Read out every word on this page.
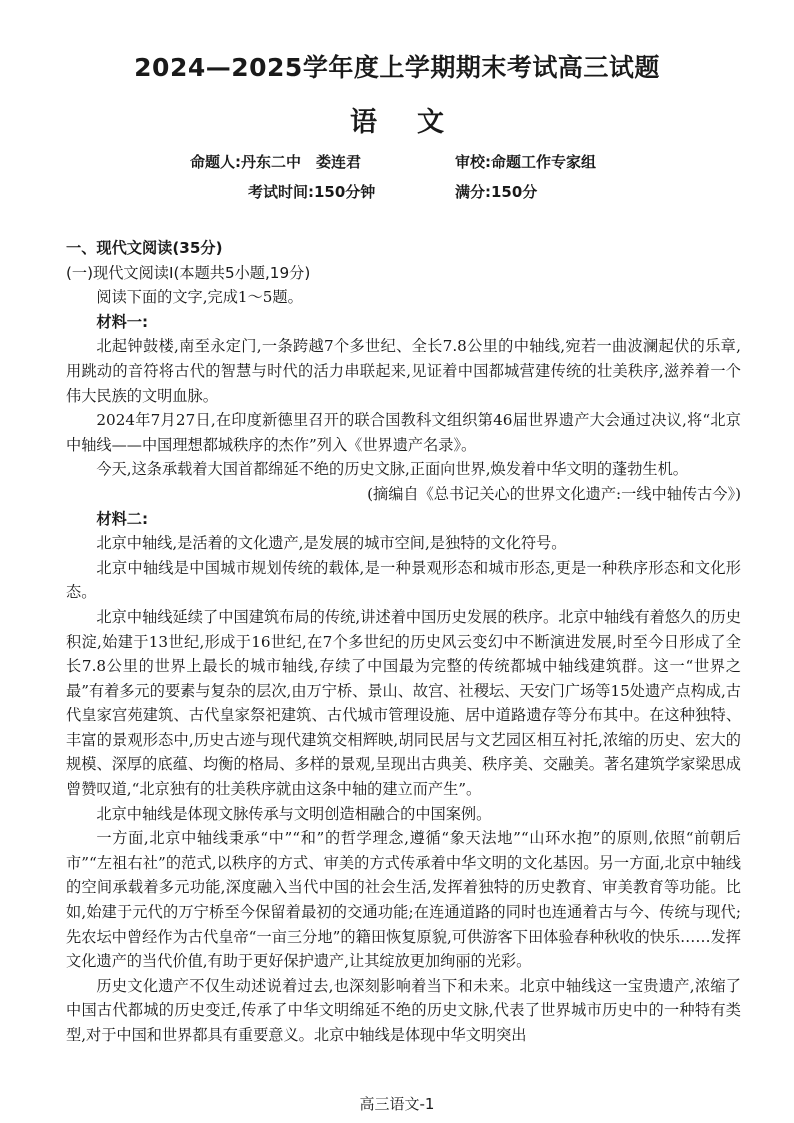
2024—2025学年度上学期期末考试高三试题
语文
命题人:丹东二中　娄连君	审校:命题工作专家组
考试时间:150分钟	满分:150分

一、现代文阅读(35分)

(一)现代文阅读Ⅰ(本题共5小题,19分)

阅读下面的文字,完成1～5题。

材料一:

北起钟鼓楼,南至永定门,一条跨越7个多世纪、全长7.8公里的中轴线,宛若一曲波澜起伏的乐章,用跳动的音符将古代的智慧与时代的活力串联起来,见证着中国都城营建传统的壮美秩序,滋养着一个伟大民族的文明血脉。

2024年7月27日,在印度新德里召开的联合国教科文组织第46届世界遗产大会通过决议,将“北京中轴线——中国理想都城秩序的杰作”列入《世界遗产名录》。

今天,这条承载着大国首都绵延不绝的历史文脉,正面向世界,焕发着中华文明的蓬勃生机。

(摘编自《总书记关心的世界文化遗产:一线中轴传古今》)

材料二:

北京中轴线,是活着的文化遗产,是发展的城市空间,是独特的文化符号。

北京中轴线是中国城市规划传统的载体,是一种景观形态和城市形态,更是一种秩序形态和文化形态。

北京中轴线延续了中国建筑布局的传统,讲述着中国历史发展的秩序。北京中轴线有着悠久的历史积淀,始建于13世纪,形成于16世纪,在7个多世纪的历史风云变幻中不断演进发展,时至今日形成了全长7.8公里的世界上最长的城市轴线,存续了中国最为完整的传统都城中轴线建筑群。这一“世界之最”有着多元的要素与复杂的层次,由万宁桥、景山、故宫、社稷坛、天安门广场等15处遗产点构成,古代皇家宫苑建筑、古代皇家祭祀建筑、古代城市管理设施、居中道路遗存等分布其中。在这种独特、丰富的景观形态中,历史古迹与现代建筑交相辉映,胡同民居与文艺园区相互衬托,浓缩的历史、宏大的规模、深厚的底蕴、均衡的格局、多样的景观,呈现出古典美、秩序美、交融美。著名建筑学家梁思成曾赞叹道,“北京独有的壮美秩序就由这条中轴的建立而产生”。

北京中轴线是体现文脉传承与文明创造相融合的中国案例。

一方面,北京中轴线秉承“中”“和”的哲学理念,遵循“象天法地”“山环水抱”的原则,依照“前朝后市”“左祖右社”的范式,以秩序的方式、审美的方式传承着中华文明的文化基因。另一方面,北京中轴线的空间承载着多元功能,深度融入当代中国的社会生活,发挥着独特的历史教育、审美教育等功能。比如,始建于元代的万宁桥至今保留着最初的交通功能;在连通道路的同时也连通着古与今、传统与现代;先农坛中曾经作为古代皇帝“一亩三分地”的籍田恢复原貌,可供游客下田体验春种秋收的快乐……发挥文化遗产的当代价值,有助于更好保护遗产,让其绽放更加绚丽的光彩。

历史文化遗产不仅生动述说着过去,也深刻影响着当下和未来。北京中轴线这一宝贵遗产,浓缩了中国古代都城的历史变迁,传承了中华文明绵延不绝的历史文脉,代表了世界城市历史中的一种特有类型,对于中国和世界都具有重要意义。北京中轴线是体现中华文明突出

高三语文-1
